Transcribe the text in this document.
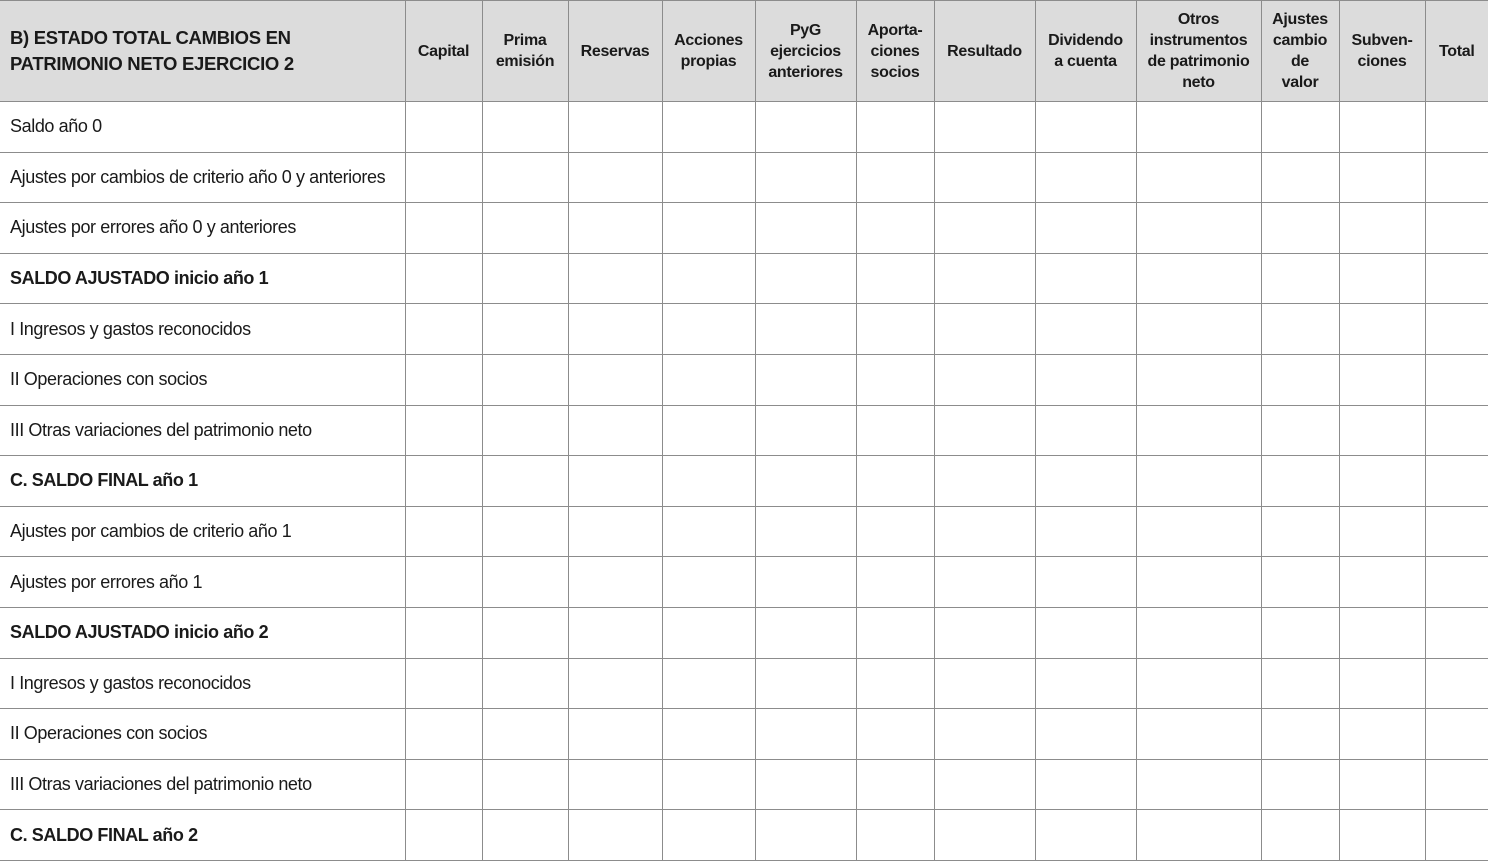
B) ESTADO TOTAL CAMBIOS EN PATRIMONIO NETO EJERCICIO 2	Capital	Prima
emisión	Reservas	Acciones
propias	PyG
ejercicios
anteriores	Aporta-
ciones
socios	Resultado	Dividendo
a cuenta	Otros
instrumentos
de patrimonio
neto	Ajustes
cambio
de
valor	Subven-
ciones	Total

Saldo año 0												
Ajustes por cambios de criterio año 0 y anteriores												
Ajustes por errores año 0 y anteriores												
SALDO AJUSTADO inicio año 1												
I Ingresos y gastos reconocidos												
II Operaciones con socios												
III Otras variaciones del patrimonio neto												
C. SALDO FINAL año 1												
Ajustes por cambios de criterio año 1												
Ajustes por errores año 1												
SALDO AJUSTADO inicio año 2												
I Ingresos y gastos reconocidos												
II Operaciones con socios												
III Otras variaciones del patrimonio neto												
C. SALDO FINAL año 2												
